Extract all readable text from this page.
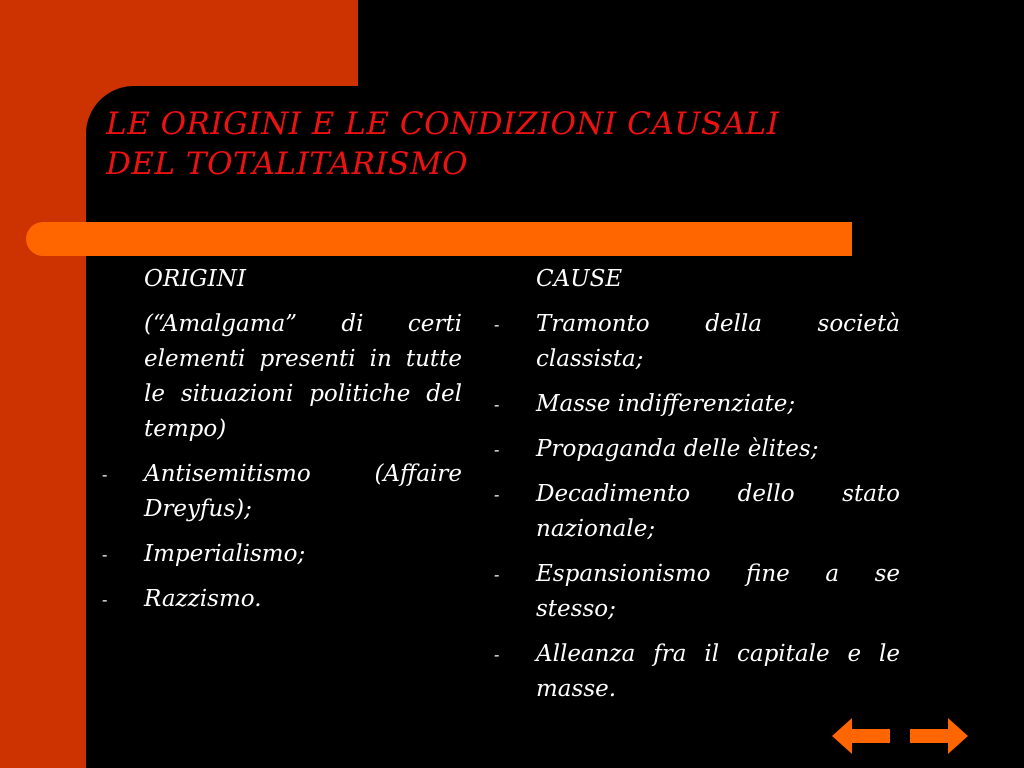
LE ORIGINI E LE CONDIZIONI CAUSALI
DEL TOTALITARISMO
ORIGINI
(“Amalgama” di certi elementi presenti in tutte le situazioni politiche del tempo)
-	Antisemitismo (Affaire Dreyfus);
-	Imperialismo;
-	Razzismo.
CAUSE
-	Tramonto della società classista;
-	Masse indifferenziate;
-	Propaganda delle èlites;
-	Decadimento dello stato nazionale;
-	Espansionismo fine a se stesso;
-	Alleanza fra il capitale e le masse.
